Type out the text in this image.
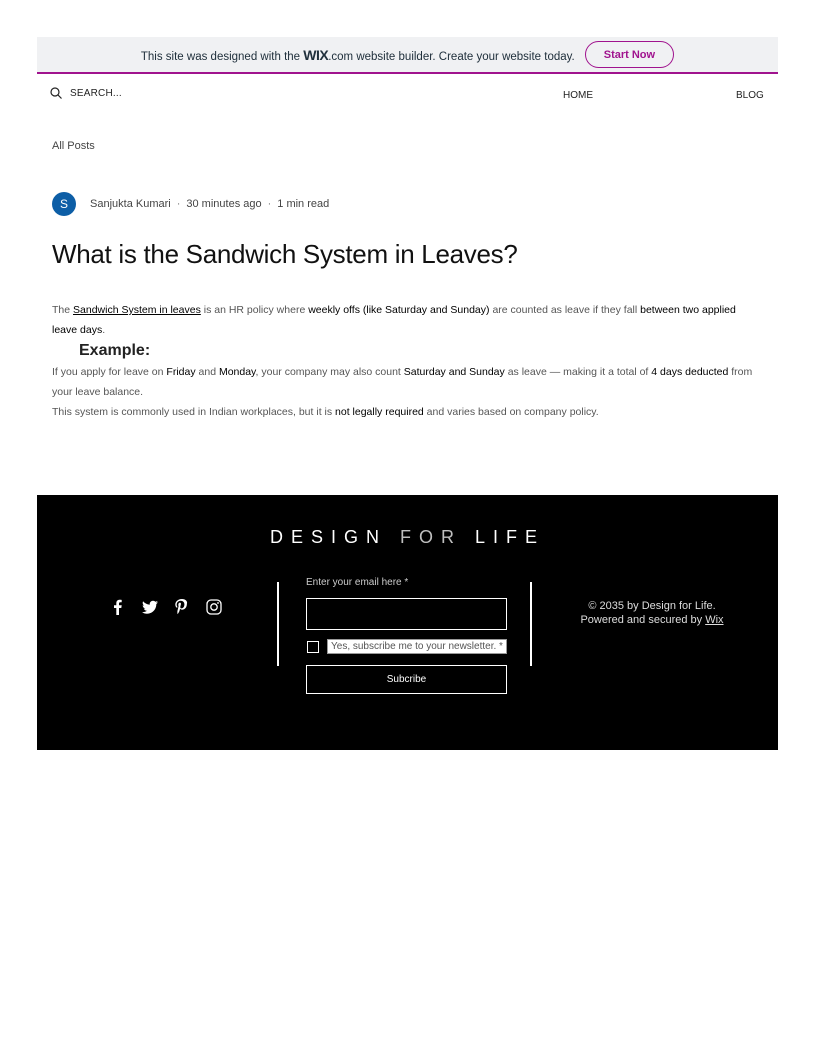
This site was designed with the WIX.com website builder. Create your website today.	Start Now
SEARCH...	HOME	BLOG
All Posts
S	Sanjukta Kumari · 30 minutes ago · 1 min read
What is the Sandwich System in Leaves?

The Sandwich System in leaves is an HR policy where weekly offs (like Saturday and Sunday) are counted as leave if they fall between two applied leave days.

Example:

If you apply for leave on Friday and Monday, your company may also count Saturday and Sunday as leave — making it a total of 4 days deducted from your leave balance.

This system is commonly used in Indian workplaces, but it is not legally required and varies based on company policy.

DESIGN FOR LIFE
Enter your email here *
Yes, subscribe me to your newsletter. *
Subcribe
© 2035 by Design for Life.
Powered and secured by Wix
